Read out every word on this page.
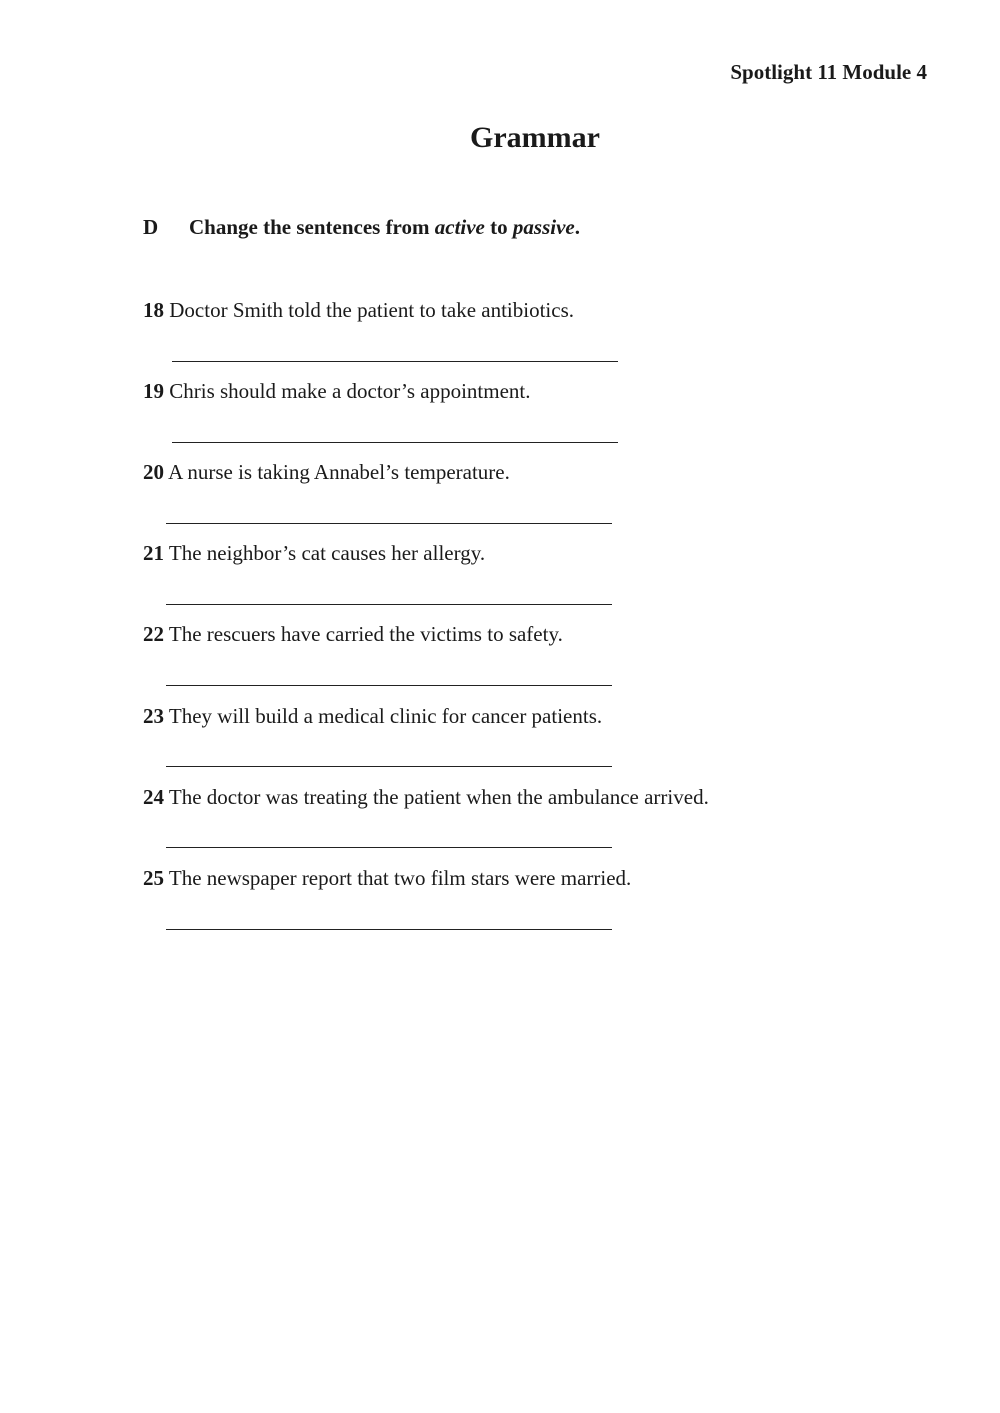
Spotlight 11 Module 4
Grammar
D Change the sentences from active to passive.
18 Doctor Smith told the patient to take antibiotics.
19 Chris should make a doctor’s appointment.
20 A nurse is taking Annabel’s temperature.
21 The neighbor’s cat causes her allergy.
22 The rescuers have carried the victims to safety.
23 They will build a medical clinic for cancer patients.
24 The doctor was treating the patient when the ambulance arrived.
25 The newspaper report that two film stars were married.
